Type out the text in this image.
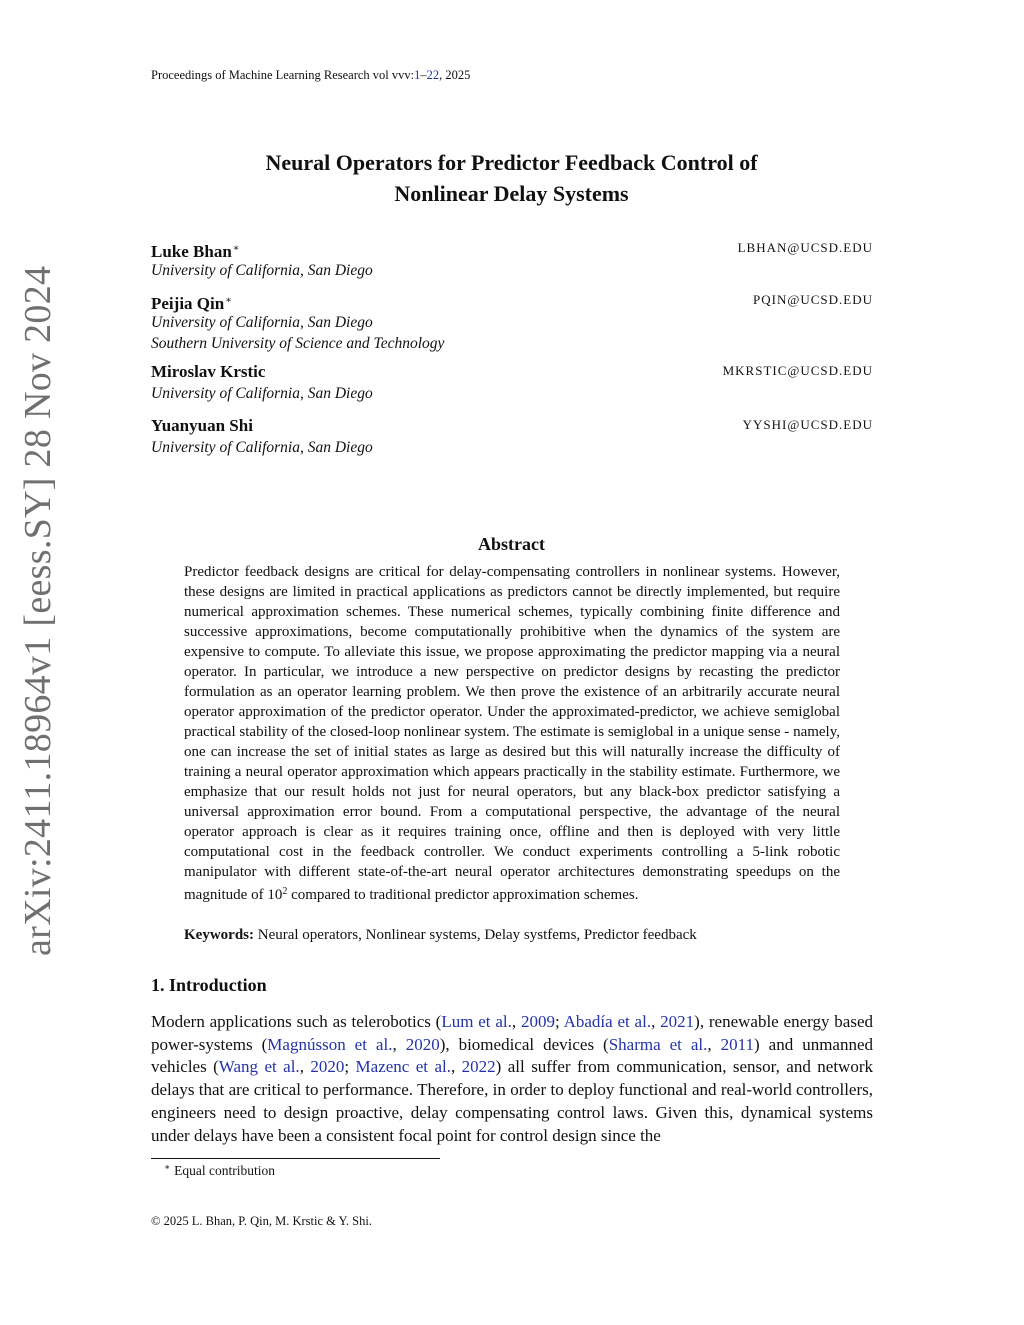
arXiv:2411.18964v1 [eess.SY] 28 Nov 2024
Proceedings of Machine Learning Research vol vvv:1–22, 2025
Neural Operators for Predictor Feedback Control of
Nonlinear Delay Systems
Luke Bhan∗	LBHAN@UCSD.EDU
University of California, San Diego
Peijia Qin∗	PQIN@UCSD.EDU
University of California, San Diego
Southern University of Science and Technology
Miroslav Krstic	MKRSTIC@UCSD.EDU
University of California, San Diego
Yuanyuan Shi	YYSHI@UCSD.EDU
University of California, San Diego
Abstract
Predictor feedback designs are critical for delay-compensating controllers in nonlinear systems. However, these designs are limited in practical applications as predictors cannot be directly implemented, but require numerical approximation schemes. These numerical schemes, typically combining finite difference and successive approximations, become computationally prohibitive when the dynamics of the system are expensive to compute. To alleviate this issue, we propose approximating the predictor mapping via a neural operator. In particular, we introduce a new perspective on predictor designs by recasting the predictor formulation as an operator learning problem. We then prove the existence of an arbitrarily accurate neural operator approximation of the predictor operator. Under the approximated-predictor, we achieve semiglobal practical stability of the closed-loop nonlinear system. The estimate is semiglobal in a unique sense - namely, one can increase the set of initial states as large as desired but this will naturally increase the difficulty of training a neural operator approximation which appears practically in the stability estimate. Furthermore, we emphasize that our result holds not just for neural operators, but any black-box predictor satisfying a universal approximation error bound. From a computational perspective, the advantage of the neural operator approach is clear as it requires training once, offline and then is deployed with very little computational cost in the feedback controller. We conduct experiments controlling a 5-link robotic manipulator with different state-of-the-art neural operator architectures demonstrating speedups on the magnitude of $10^2$ compared to traditional predictor approximation schemes.
Keywords: Neural operators, Nonlinear systems, Delay systfems, Predictor feedback
1. Introduction
Modern applications such as telerobotics (Lum et al., 2009; Abadía et al., 2021), renewable energy based power-systems (Magnússon et al., 2020), biomedical devices (Sharma et al., 2011) and unmanned vehicles (Wang et al., 2020; Mazenc et al., 2022) all suffer from communication, sensor, and network delays that are critical to performance. Therefore, in order to deploy functional and real-world controllers, engineers need to design proactive, delay compensating control laws. Given this, dynamical systems under delays have been a consistent focal point for control design since the
∗ Equal contribution
© 2025 L. Bhan, P. Qin, M. Krstic & Y. Shi.
